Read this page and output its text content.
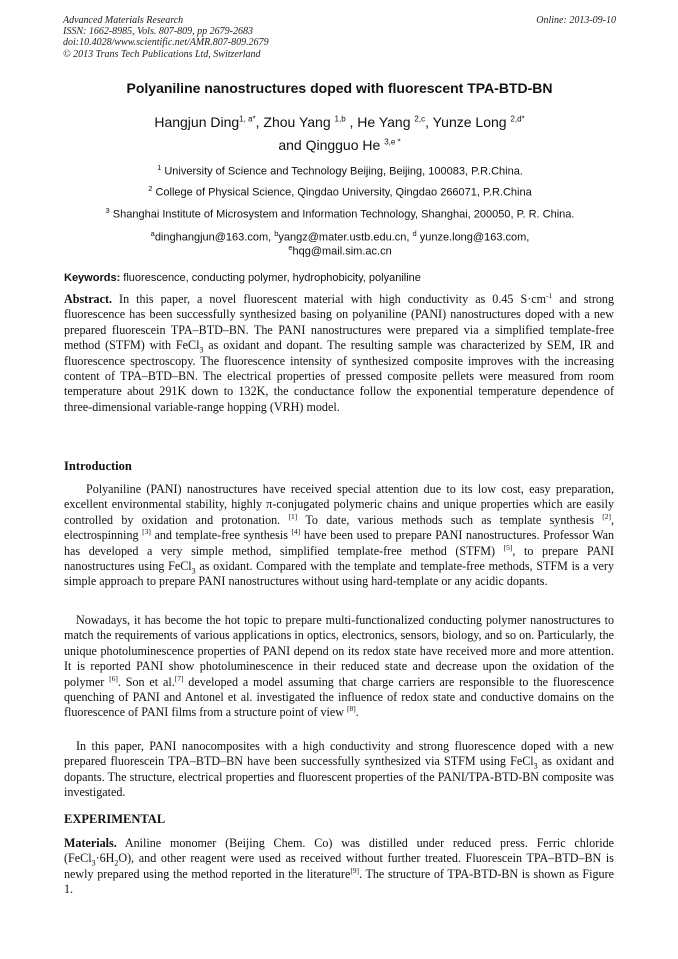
Advanced Materials Research
ISSN: 1662-8985, Vols. 807-809, pp 2679-2683
doi:10.4028/www.scientific.net/AMR.807-809.2679
© 2013 Trans Tech Publications Ltd, Switzerland
Online: 2013-09-10
Polyaniline nanostructures doped with fluorescent TPA-BTD-BN
Hangjun Ding$^{1, a*}$, Zhou Yang $^{1,b}$ , He Yang $^{2,c}$, Yunze Long $^{2,d*}$
and Qingguo He $^{3,e *}$
$^1$ University of Science and Technology Beijing, Beijing, 100083, P.R.China.
$^2$ College of Physical Science, Qingdao University, Qingdao 266071, P.R.China
$^3$ Shanghai Institute of Microsystem and Information Technology, Shanghai, 200050, P. R. China.
$^a$dinghangjun@163.com, $^b$yangz@mater.ustb.edu.cn, $^d$ yunze.long@163.com,
$^e$hqg@mail.sim.ac.cn
Keywords: fluorescence, conducting polymer, hydrophobicity, polyaniline
Abstract. In this paper, a novel fluorescent material with high conductivity as 0.45 $S\cdot cm^{-1}$ and strong fluorescence has been successfully synthesized basing on polyaniline (PANI) nanostructures doped with a new prepared fluorescein TPA–BTD–BN. The PANI nanostructures were prepared via a simplified template-free method (STFM) with FeCl$_3$ as oxidant and dopant. The resulting sample was characterized by SEM, IR and fluorescence spectroscopy. The fluorescence intensity of synthesized composite improves with the increasing content of TPA–BTD–BN. The electrical properties of pressed composite pellets were measured from room temperature about 291K down to 132K, the conductance follow the exponential temperature dependence of three-dimensional variable-range hopping (VRH) model.
Introduction
Polyaniline (PANI) nanostructures have received special attention due to its low cost, easy preparation, excellent environmental stability, highly π-conjugated polymeric chains and unique properties which are easily controlled by oxidation and protonation. [1] To date, various methods such as template synthesis [2], electrospinning [3] and template-free synthesis [4] have been used to prepare PANI nanostructures. Professor Wan has developed a very simple method, simplified template-free method (STFM) [5], to prepare PANI nanostructures using FeCl$_3$ as oxidant. Compared with the template and template-free methods, STFM is a very simple approach to prepare PANI nanostructures without using hard-template or any acidic dopants.
Nowadays, it has become the hot topic to prepare multi-functionalized conducting polymer nanostructures to match the requirements of various applications in optics, electronics, sensors, biology, and so on. Particularly, the unique photoluminescence properties of PANI depend on its redox state have received more and more attention. It is reported PANI show photoluminescence in their reduced state and decrease upon the oxidation of the polymer [6]. Son et al.[7] developed a model assuming that charge carriers are responsible to the fluorescence quenching of PANI and Antonel et al. investigated the influence of redox state and conductive domains on the fluorescence of PANI films from a structure point of view [8].
In this paper, PANI nanocomposites with a high conductivity and strong fluorescence doped with a new prepared fluorescein TPA–BTD–BN have been successfully synthesized via STFM using FeCl$_3$ as oxidant and dopants. The structure, electrical properties and fluorescent properties of the PANI/TPA-BTD-BN composite was investigated.
EXPERIMENTAL
Materials. Aniline monomer (Beijing Chem. Co) was distilled under reduced press. Ferric chloride $(FeCl_3\cdot 6H_2O)$, and other reagent were used as received without further treated. Fluorescein TPA–BTD–BN is newly prepared using the method reported in the literature[9]. The structure of TPA-BTD-BN is shown as Figure 1.
